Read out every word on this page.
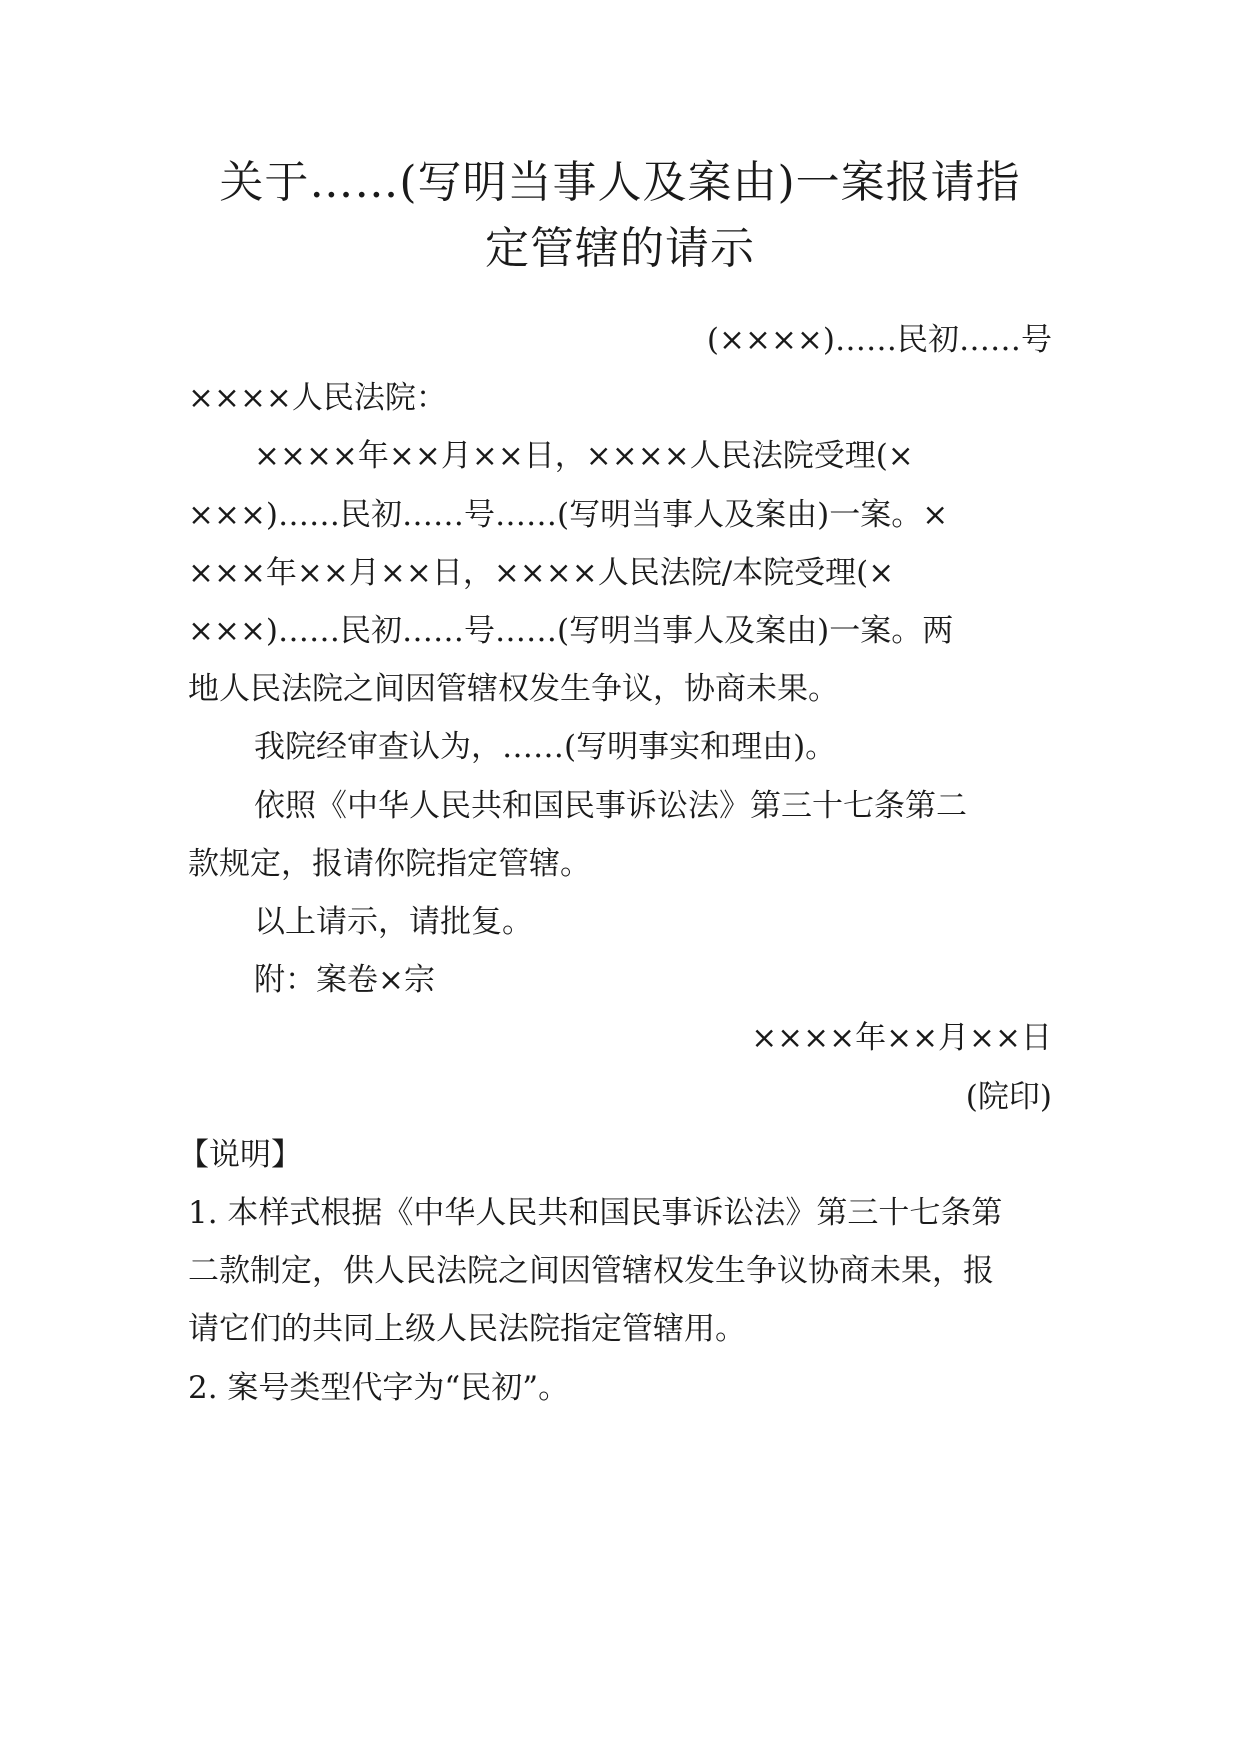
关于……(写明当事人及案由)一案报请指
定管辖的请示

(××××)……民初……号

××××人民法院：

××××年××月××日，××××人民法院受理(×

×××)……民初……号……(写明当事人及案由)一案。×

×××年××月××日，××××人民法院/本院受理(×

×××)……民初……号……(写明当事人及案由)一案。两

地人民法院之间因管辖权发生争议，协商未果。

我院经审查认为，……(写明事实和理由)。

依照《中华人民共和国民事诉讼法》第三十七条第二

款规定，报请你院指定管辖。

以上请示，请批复。

附：案卷×宗

××××年××月××日

(院印)

【说明】

1. 本样式根据《中华人民共和国民事诉讼法》第三十七条第

二款制定，供人民法院之间因管辖权发生争议协商未果，报

请它们的共同上级人民法院指定管辖用。

2. 案号类型代字为“民初”。
